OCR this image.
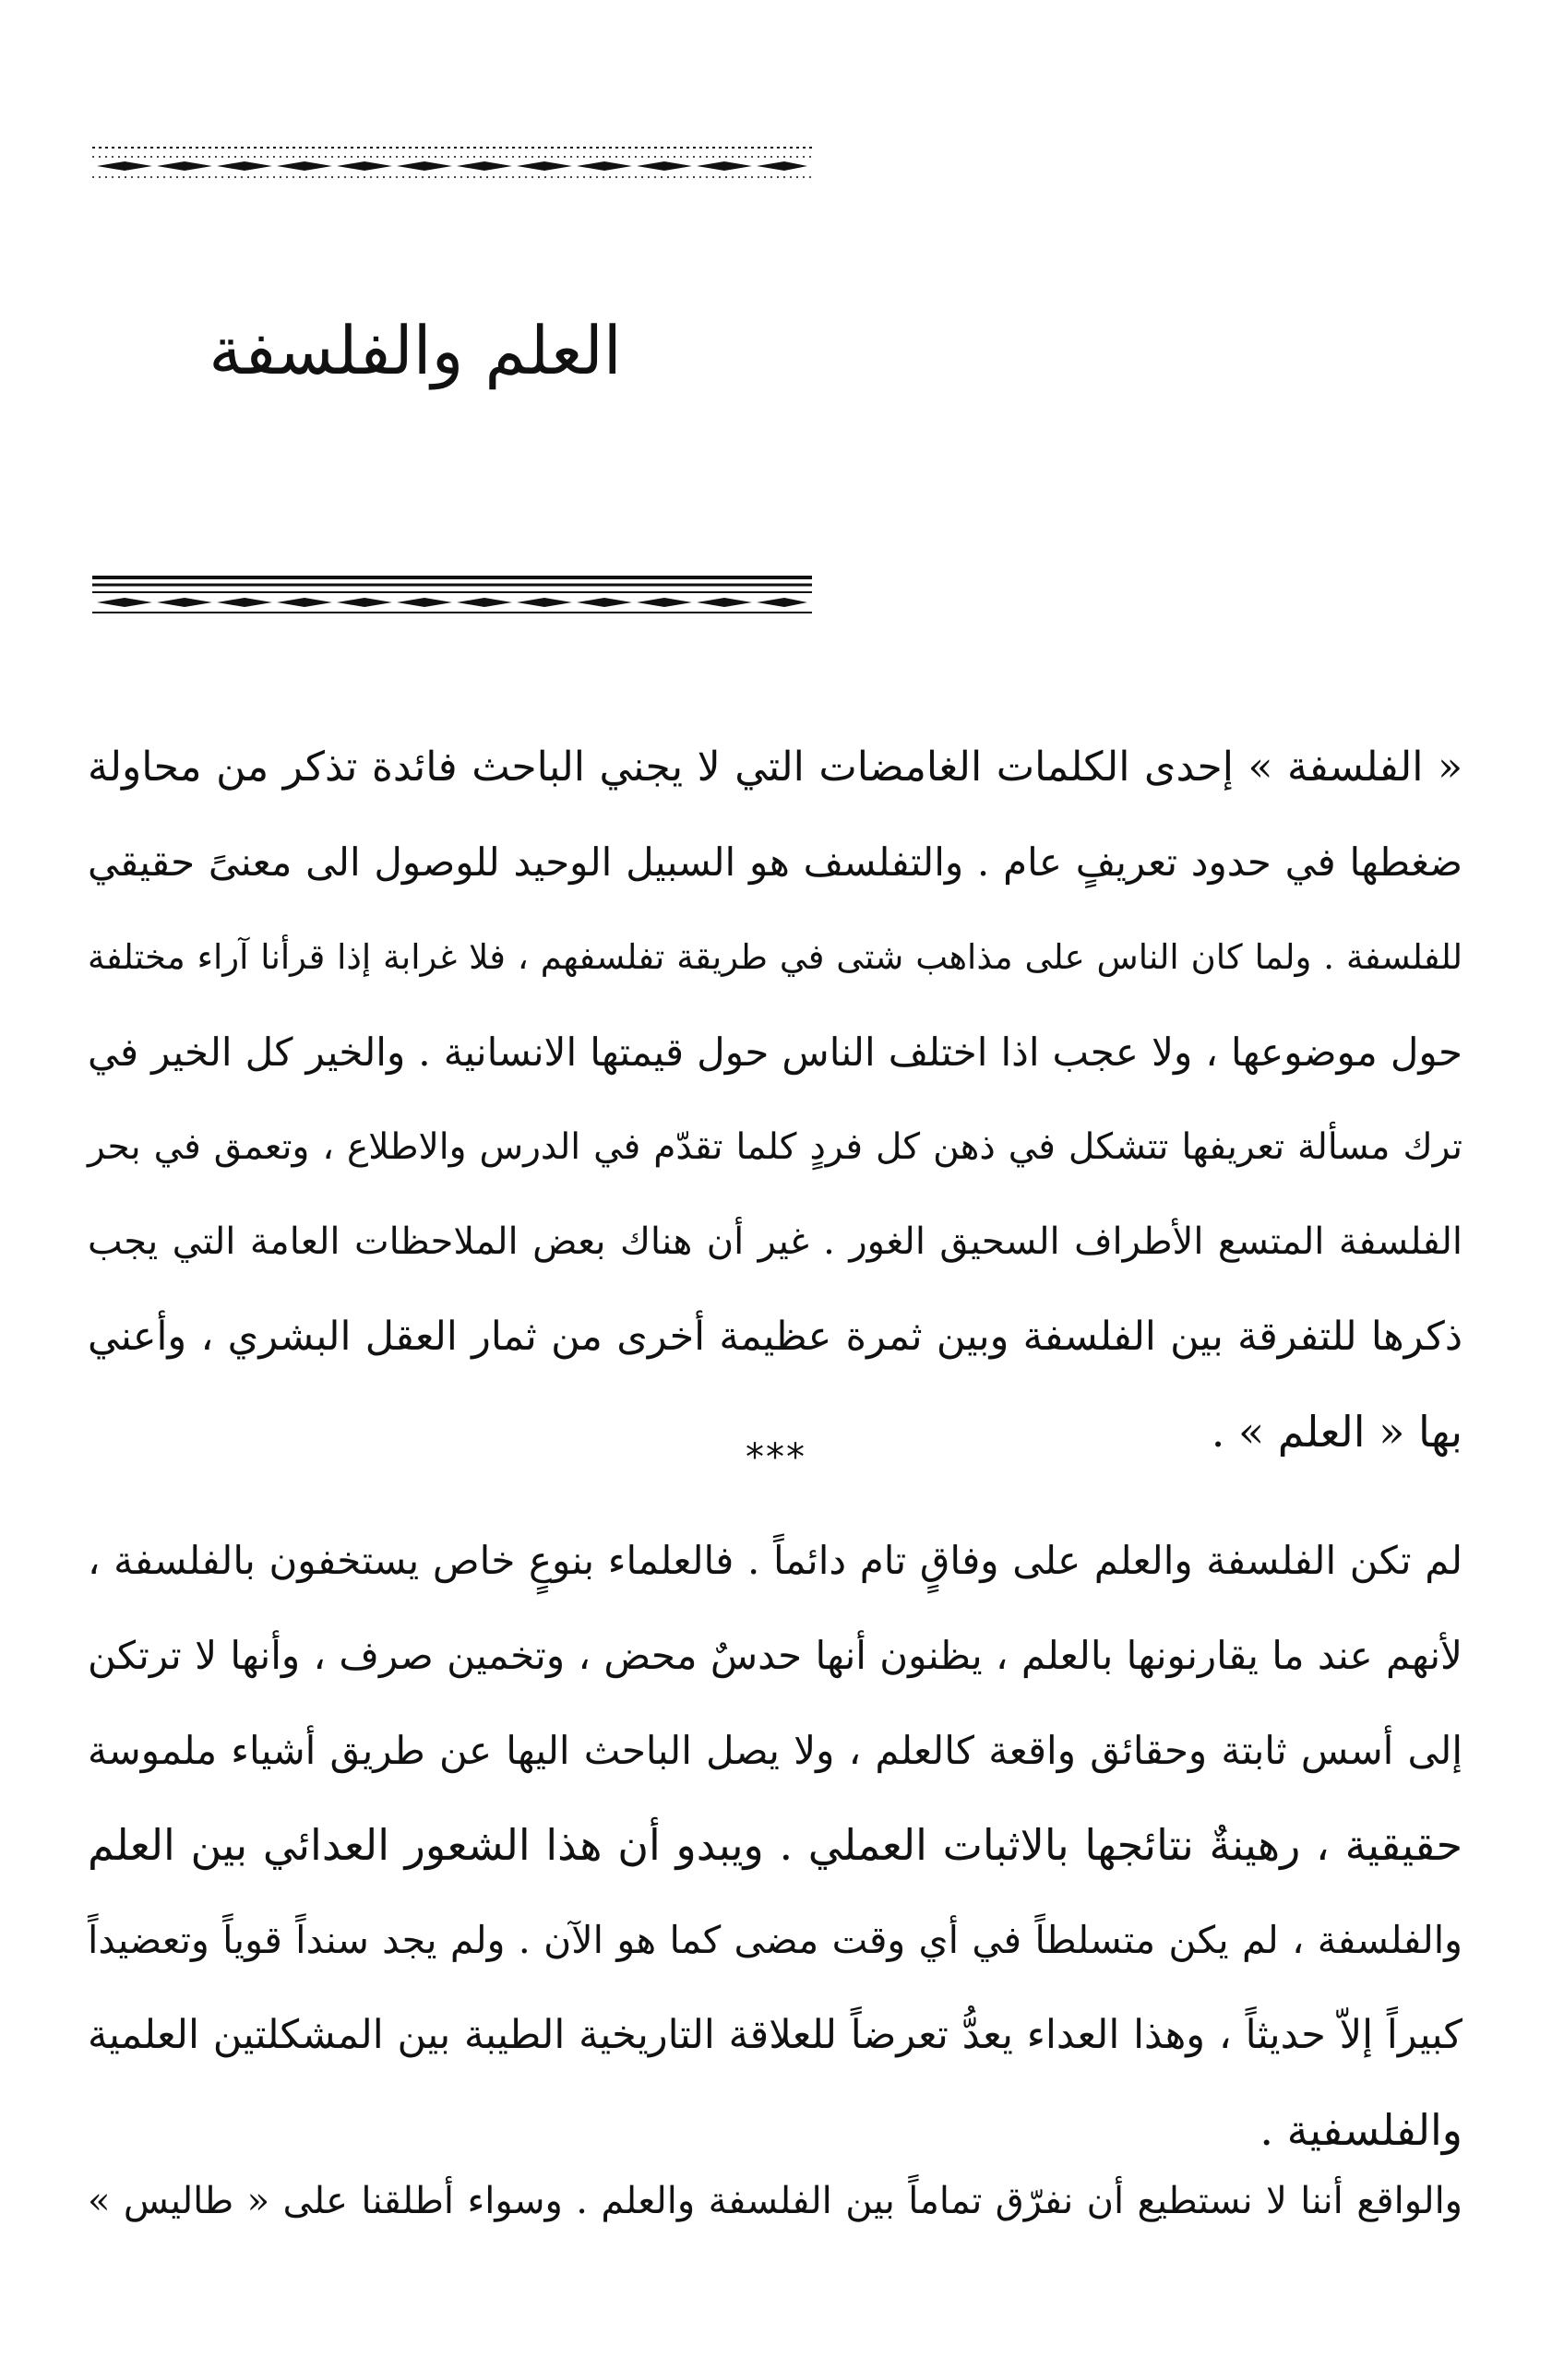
العلم والفلسفة
« الفلسفة » إحدى الكلمات الغامضات التي لا يجني الباحث فائدة تذكر من محاولة
ضغطها في حدود تعريفٍ عام . والتفلسف هو السبيل الوحيد للوصول الى معنىً حقيقي
للفلسفة . ولما كان الناس على مذاهب شتى في طريقة تفلسفهم ، فلا غرابة إذا قرأنا آراء مختلفة
حول موضوعها ، ولا عجب اذا اختلف الناس حول قيمتها الانسانية . والخير كل الخير في
ترك مسألة تعريفها تتشكل في ذهن كل فردٍ كلما تقدّم في الدرس والاطلاع ، وتعمق في بحر
الفلسفة المتسع الأطراف السحيق الغور . غير أن هناك بعض الملاحظات العامة التي يجب
ذكرها للتفرقة بين الفلسفة وبين ثمرة عظيمة أخرى من ثمار العقل البشري ، وأعني
بها « العلم » .
***
لم تكن الفلسفة والعلم على وفاقٍ تام دائماً . فالعلماء بنوعٍ خاص يستخفون بالفلسفة ،
لأنهم عند ما يقارنونها بالعلم ، يظنون أنها حدسٌ محض ، وتخمين صرف ، وأنها لا ترتكن
إلى أسس ثابتة وحقائق واقعة كالعلم ، ولا يصل الباحث اليها عن طريق أشياء ملموسة
حقيقية ، رهينةٌ نتائجها بالاثبات العملي . ويبدو أن هذا الشعور العدائي بين العلم
والفلسفة ، لم يكن متسلطاً في أي وقت مضى كما هو الآن . ولم يجد سنداً قوياً وتعضيداً
كبيراً إلاّ حديثاً ، وهذا العداء يعدُّ تعرضاً للعلاقة التاريخية الطيبة بين المشكلتين العلمية
والفلسفية .
والواقع أننا لا نستطيع أن نفرّق تماماً بين الفلسفة والعلم . وسواء أطلقنا على « طاليس »
